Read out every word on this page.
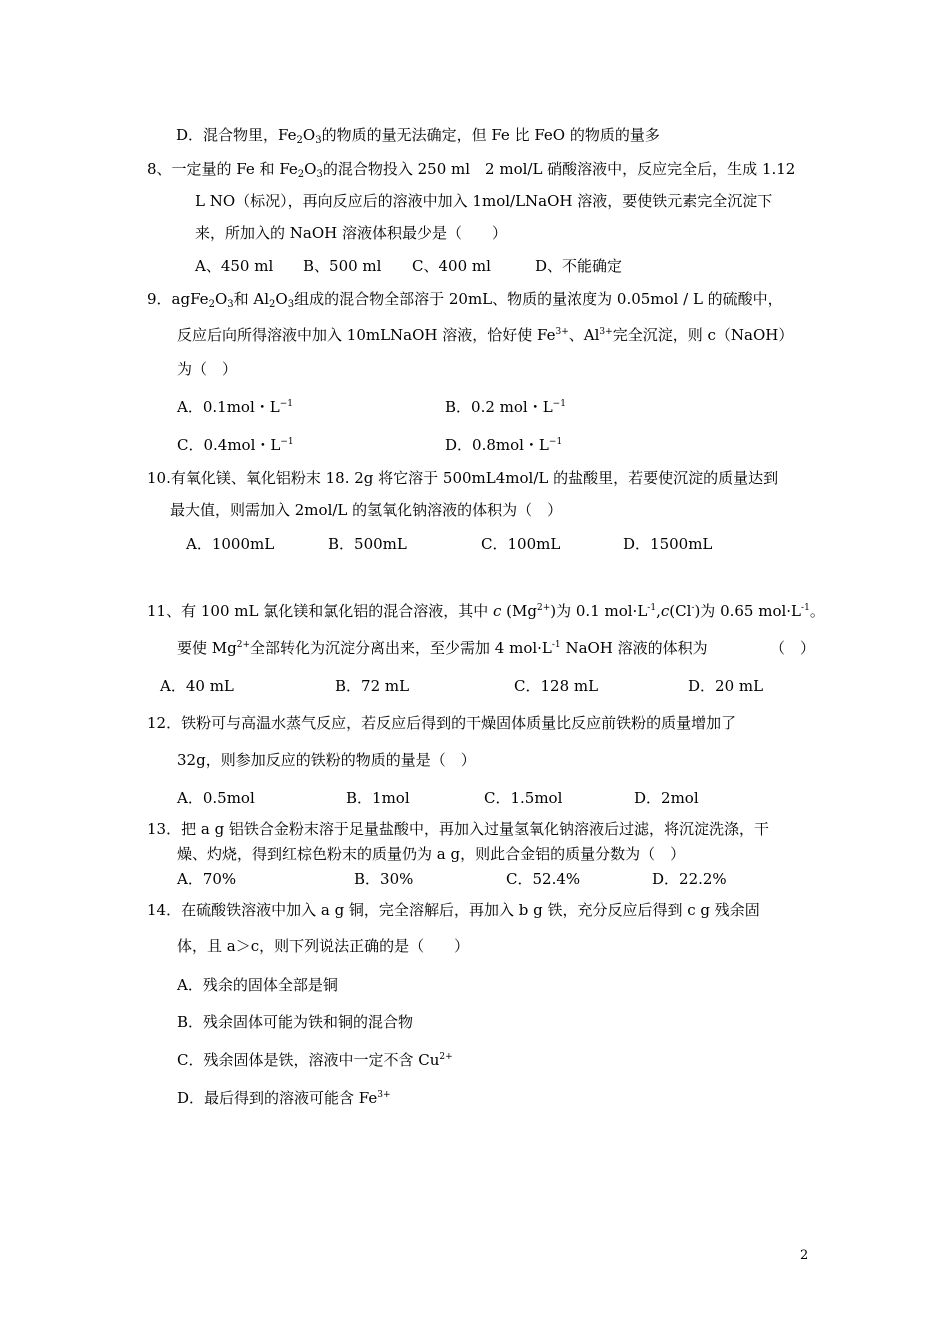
D．混合物里，$Fe_2O_3$的物质的量无法确定，但 Fe 比 FeO 的物质的量多
8、一定量的 Fe 和 $Fe_2O_3$的混合物投入 250 ml　2 mol/L 硝酸溶液中，反应完全后，生成 1.12
L NO（标况），再向反应后的溶液中加入 1mol/LNaOH 溶液，要使铁元素完全沉淀下
来，所加入的 NaOH 溶液体积最少是（　　）
A、450 ml B、500 ml C、400 ml	D、不能确定
9．$agFe_2O_3$和 $Al_2O_3$组成的混合物全部溶于 20mL、物质的量浓度为 0.05mol / L 的硫酸中，
反应后向所得溶液中加入 10mLNaOH 溶液，恰好使 $Fe^{3+}$、$Al^{3+}$完全沉淀，则 c（NaOH）
为（　）
A．0.1mol・$L^{-1}$	B．0.2 mol・$L^{-1}$
C．0.4mol・$L^{-1}$	D．0.8mol・$L^{-1}$
10.有氧化镁、氧化铝粉末 18. 2g 将它溶于 500mL4mol/L 的盐酸里，若要使沉淀的质量达到
最大值，则需加入 2mol/L 的氢氧化钠溶液的体积为（　）
A．1000mL	B．500mL	C．100mL	D．1500mL
11、有 100 mL 氯化镁和氯化铝的混合溶液，其中 c $(Mg^{2+})$为 0.1 $mol\cdot L^{-1},c(Cl^-)$为 0.65 $mol\cdot L^{-1}$。
要使 $Mg^{2+}$全部转化为沉淀分离出来，至少需加 4 $mol\cdot L^{-1}$ NaOH 溶液的体积为	（　）
A．40 mL	B．72 mL	C．128 mL	D．20 mL
12．铁粉可与高温水蒸气反应，若反应后得到的干燥固体质量比反应前铁粉的质量增加了
32g，则参加反应的铁粉的物质的量是（　）
A．0.5mol	B．1mol	C．1.5mol	D．2mol
13．把 a g 铝铁合金粉末溶于足量盐酸中，再加入过量氢氧化钠溶液后过滤，将沉淀洗涤，干
燥、灼烧，得到红棕色粉末的质量仍为 a g，则此合金铝的质量分数为（　）
A．70%	B．30%	C．52.4%	D．22.2%
14．在硫酸铁溶液中加入 a g 铜，完全溶解后，再加入 b g 铁，充分反应后得到 c g 残余固
体，且 a＞c，则下列说法正确的是（　　）
A．残余的固体全部是铜
B．残余固体可能为铁和铜的混合物
C．残余固体是铁，溶液中一定不含 $Cu^{2+}$
D．最后得到的溶液可能含 $Fe^{3+}$
2
